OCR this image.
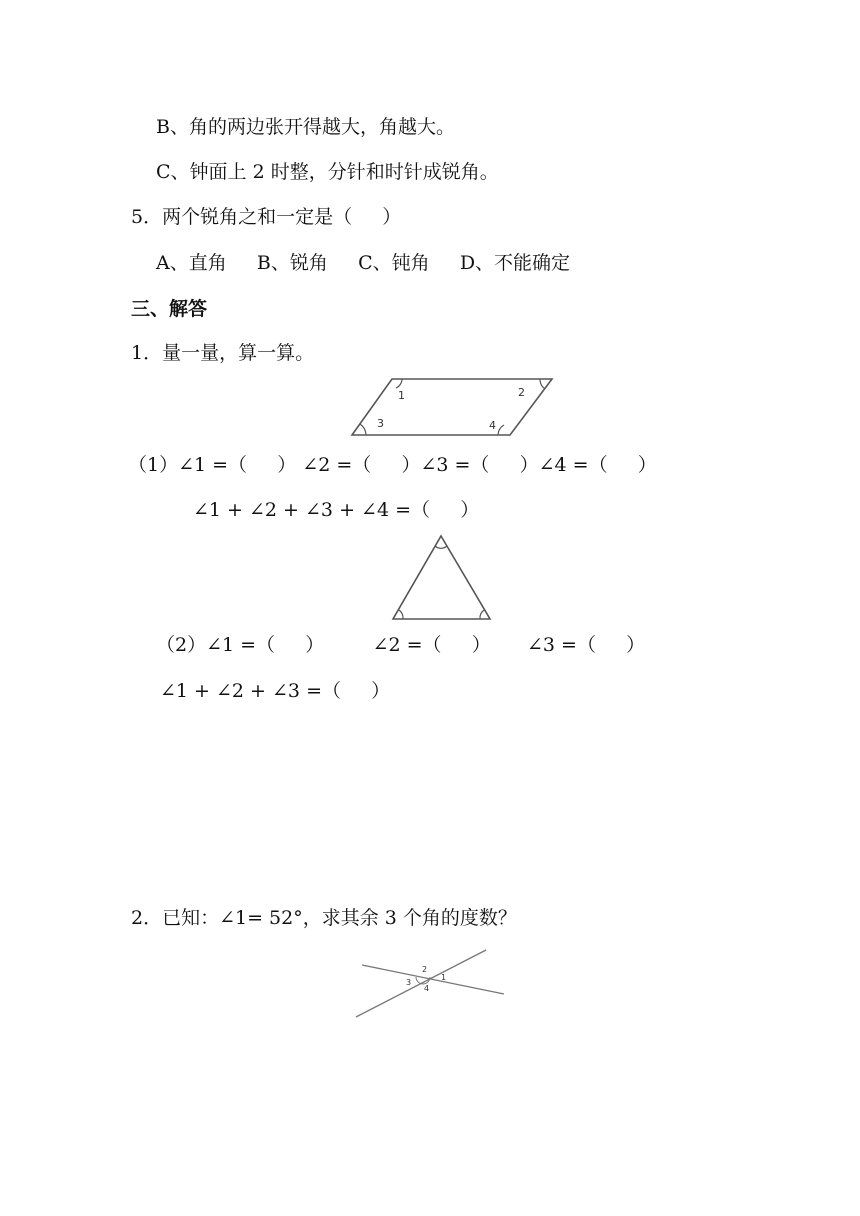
B、角的两边张开得越大，角越大。
C、钟面上 2 时整，分针和时针成锐角。
5．两个锐角之和一定是（     ）
A、直角     B、锐角     C、钝角     D、不能确定
三、解答
1．量一量，算一算。
1	2
3	4
（1）∠1 =（     ） ∠2 =（     ）∠3 =（     ）∠4 =（     ）
∠1 + ∠2 + ∠3 + ∠4 =（     ）
（2）∠1 =（     ）        ∠2 =（     ）      ∠3 =（     ）
∠1 + ∠2 + ∠3 =（     ）
2．已知：∠1= 52°，求其余 3 个角的度数？
2
1
3
4
